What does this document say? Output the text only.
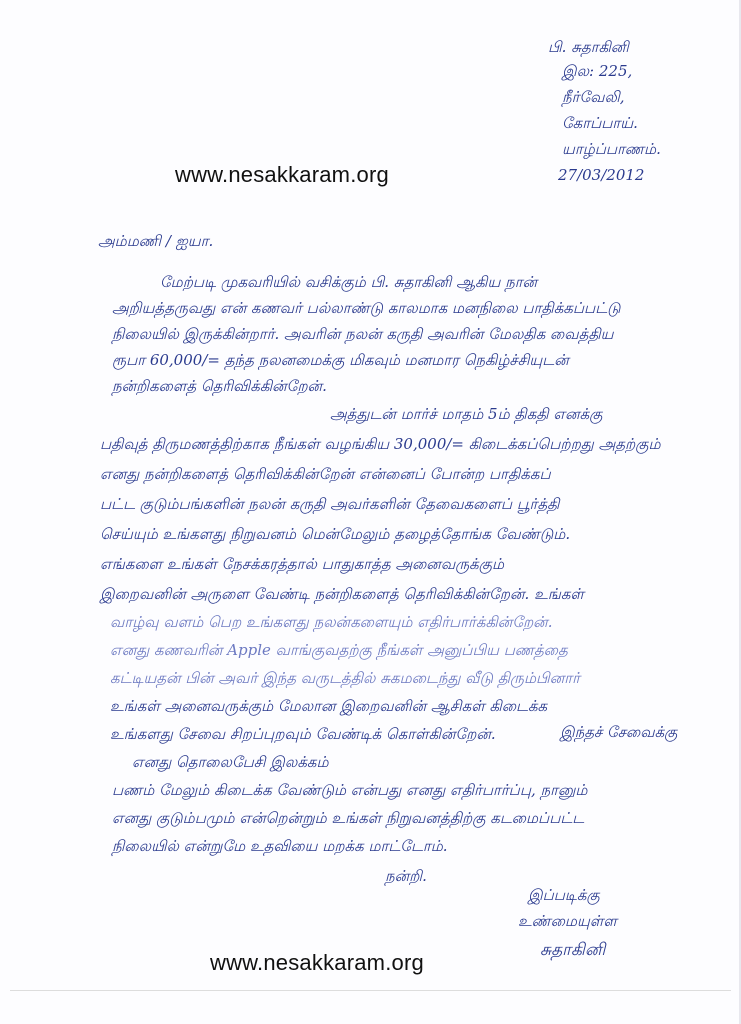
பி. சுதாகினி
இல: 225,
நீர்வேலி,
கோப்பாய்.
யாழ்ப்பாணம்.
27/03/2012
www.nesakkaram.org
அம்மணி / ஐயா.
மேற்படி முகவரியில் வசிக்கும் பி. சுதாகினி ஆகிய நான்
அறியத்தருவது என் கணவர் பல்லாண்டு காலமாக மனநிலை பாதிக்கப்பட்டு
நிலையில் இருக்கின்றார். அவரின் நலன் கருதி அவரின் மேலதிக வைத்திய
ரூபா 60,000/= தந்த நலனமைக்கு மிகவும் மனமார நெகிழ்ச்சியுடன்
நன்றிகளைத் தெரிவிக்கின்றேன்.
அத்துடன் மார்ச் மாதம் 5ம் திகதி எனக்கு
பதிவுத் திருமணத்திற்காக நீங்கள் வழங்கிய 30,000/= கிடைக்கப்பெற்றது அதற்கும்
எனது நன்றிகளைத் தெரிவிக்கின்றேன் என்னைப் போன்ற பாதிக்கப்
பட்ட குடும்பங்களின் நலன் கருதி அவர்களின் தேவைகளைப் பூர்த்தி
செய்யும் உங்களது நிறுவனம் மென்மேலும் தழைத்தோங்க வேண்டும்.
எங்களை உங்கள் நேசக்கரத்தால் பாதுகாத்த அனைவருக்கும்
இறைவனின் அருளை வேண்டி நன்றிகளைத் தெரிவிக்கின்றேன். உங்கள்
வாழ்வு வளம் பெற உங்களது நலன்களையும் எதிர்பார்க்கின்றேன்.
எனது கணவரின் Apple வாங்குவதற்கு நீங்கள் அனுப்பிய பணத்தை
கட்டியதன் பின் அவர் இந்த வருடத்தில் சுகமடைந்து வீடு திரும்பினார்
உங்கள் அனைவருக்கும் மேலான இறைவனின் ஆசிகள் கிடைக்க
உங்களது சேவை சிறப்புறவும் வேண்டிக் கொள்கின்றேன்.	இந்தச் சேவைக்கு
எனது தொலைபேசி இலக்கம்
பணம் மேலும் கிடைக்க வேண்டும் என்பது எனது எதிர்பார்ப்பு, நானும்
எனது குடும்பமும் என்றென்றும் உங்கள் நிறுவனத்திற்கு கடமைப்பட்ட
நிலையில் என்றுமே உதவியை மறக்க மாட்டோம்.
நன்றி.
இப்படிக்கு
உண்மையுள்ள
சுதாகினி
www.nesakkaram.org
